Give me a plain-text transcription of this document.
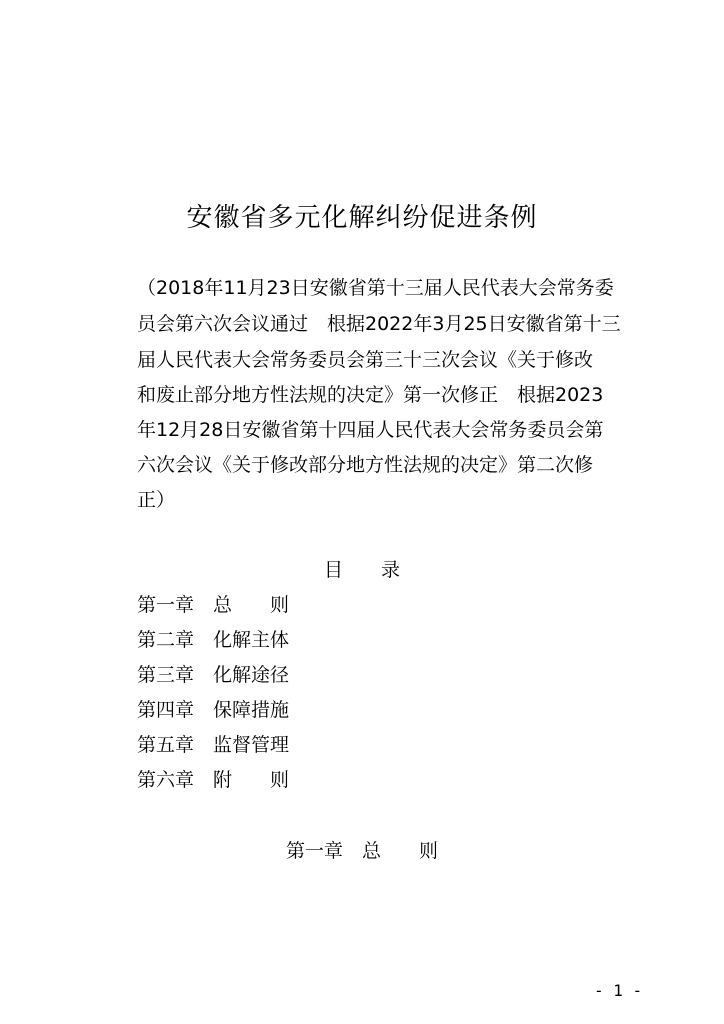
安徽省多元化解纠纷促进条例
（2018年11月23日安徽省第十三届人民代表大会常务委
员会第六次会议通过　根据2022年3月25日安徽省第十三
届人民代表大会常务委员会第三十三次会议《关于修改
和废止部分地方性法规的决定》第一次修正　根据2023
年12月28日安徽省第十四届人民代表大会常务委员会第
六次会议《关于修改部分地方性法规的决定》第二次修
正）
目　　录
第一章 总　　则
第二章 化解主体
第三章 化解途径
第四章 保障措施
第五章 监督管理
第六章 附　　则
第一章　总　　则
- 1 -
